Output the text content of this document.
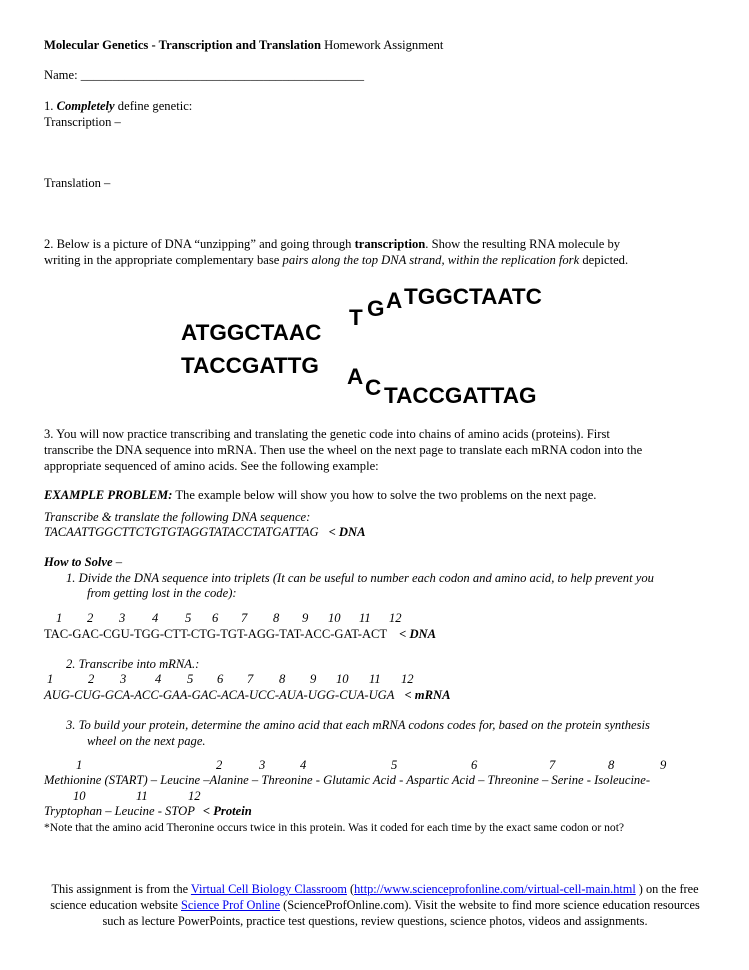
Molecular Genetics - Transcription and Translation Homework Assignment
Name: _____________________________________________
1. Completely define genetic:
Transcription –
Translation –
2. Below is a picture of DNA “unzipping” and going through transcription. Show the resulting RNA molecule by
writing in the appropriate complementary base pairs along the top DNA strand, within the replication fork depicted.
ATGGCTAAC
TACCGATTG
T G A TGGCTAATC
A C TACCGATTAG
3. You will now practice transcribing and translating the genetic code into chains of amino acids (proteins). First
transcribe the DNA sequence into mRNA. Then use the wheel on the next page to translate each mRNA codon into the
appropriate sequenced of amino acids. See the following example:
EXAMPLE PROBLEM: The example below will show you how to solve the two problems on the next page.
Transcribe & translate the following DNA sequence:
TACAATTGGCTTCTGTGTAGGTATACCTATGATTAG < DNA
How to Solve –
1. Divide the DNA sequence into triplets (It can be useful to number each codon and amino acid, to help prevent you
from getting lost in the code):
1 2 3 4 5 6 7 8 9 10 11 12
TAC-GAC-CGU-TGG-CTT-CTG-TGT-AGG-TAT-ACC-GAT-ACT < DNA
2. Transcribe into mRNA.:
1	2 3 4 5 6 7 8 9 10 11 12
AUG-CUG-GCA-ACC-GAA-GAC-ACA-UCC-AUA-UGG-CUA-UGA < mRNA
3. To build your protein, determine the amino acid that each mRNA codons codes for, based on the protein synthesis
wheel on the next page.
1	2	3	4	5	6	7	8	9
Methionine (START) – Leucine –Alanine – Threonine - Glutamic Acid - Aspartic Acid – Threonine – Serine - Isoleucine-
10	11	12
Tryptophan – Leucine - STOP < Protein
*Note that the amino acid Theronine occurs twice in this protein. Was it coded for each time by the exact same codon or not?
This assignment is from the Virtual Cell Biology Classroom (http://www.scienceprofonline.com/virtual-cell-main.html ) on the free
science education website Science Prof Online (ScienceProfOnline.com). Visit the website to find more science education resources
such as lecture PowerPoints, practice test questions, review questions, science photos, videos and assignments.
